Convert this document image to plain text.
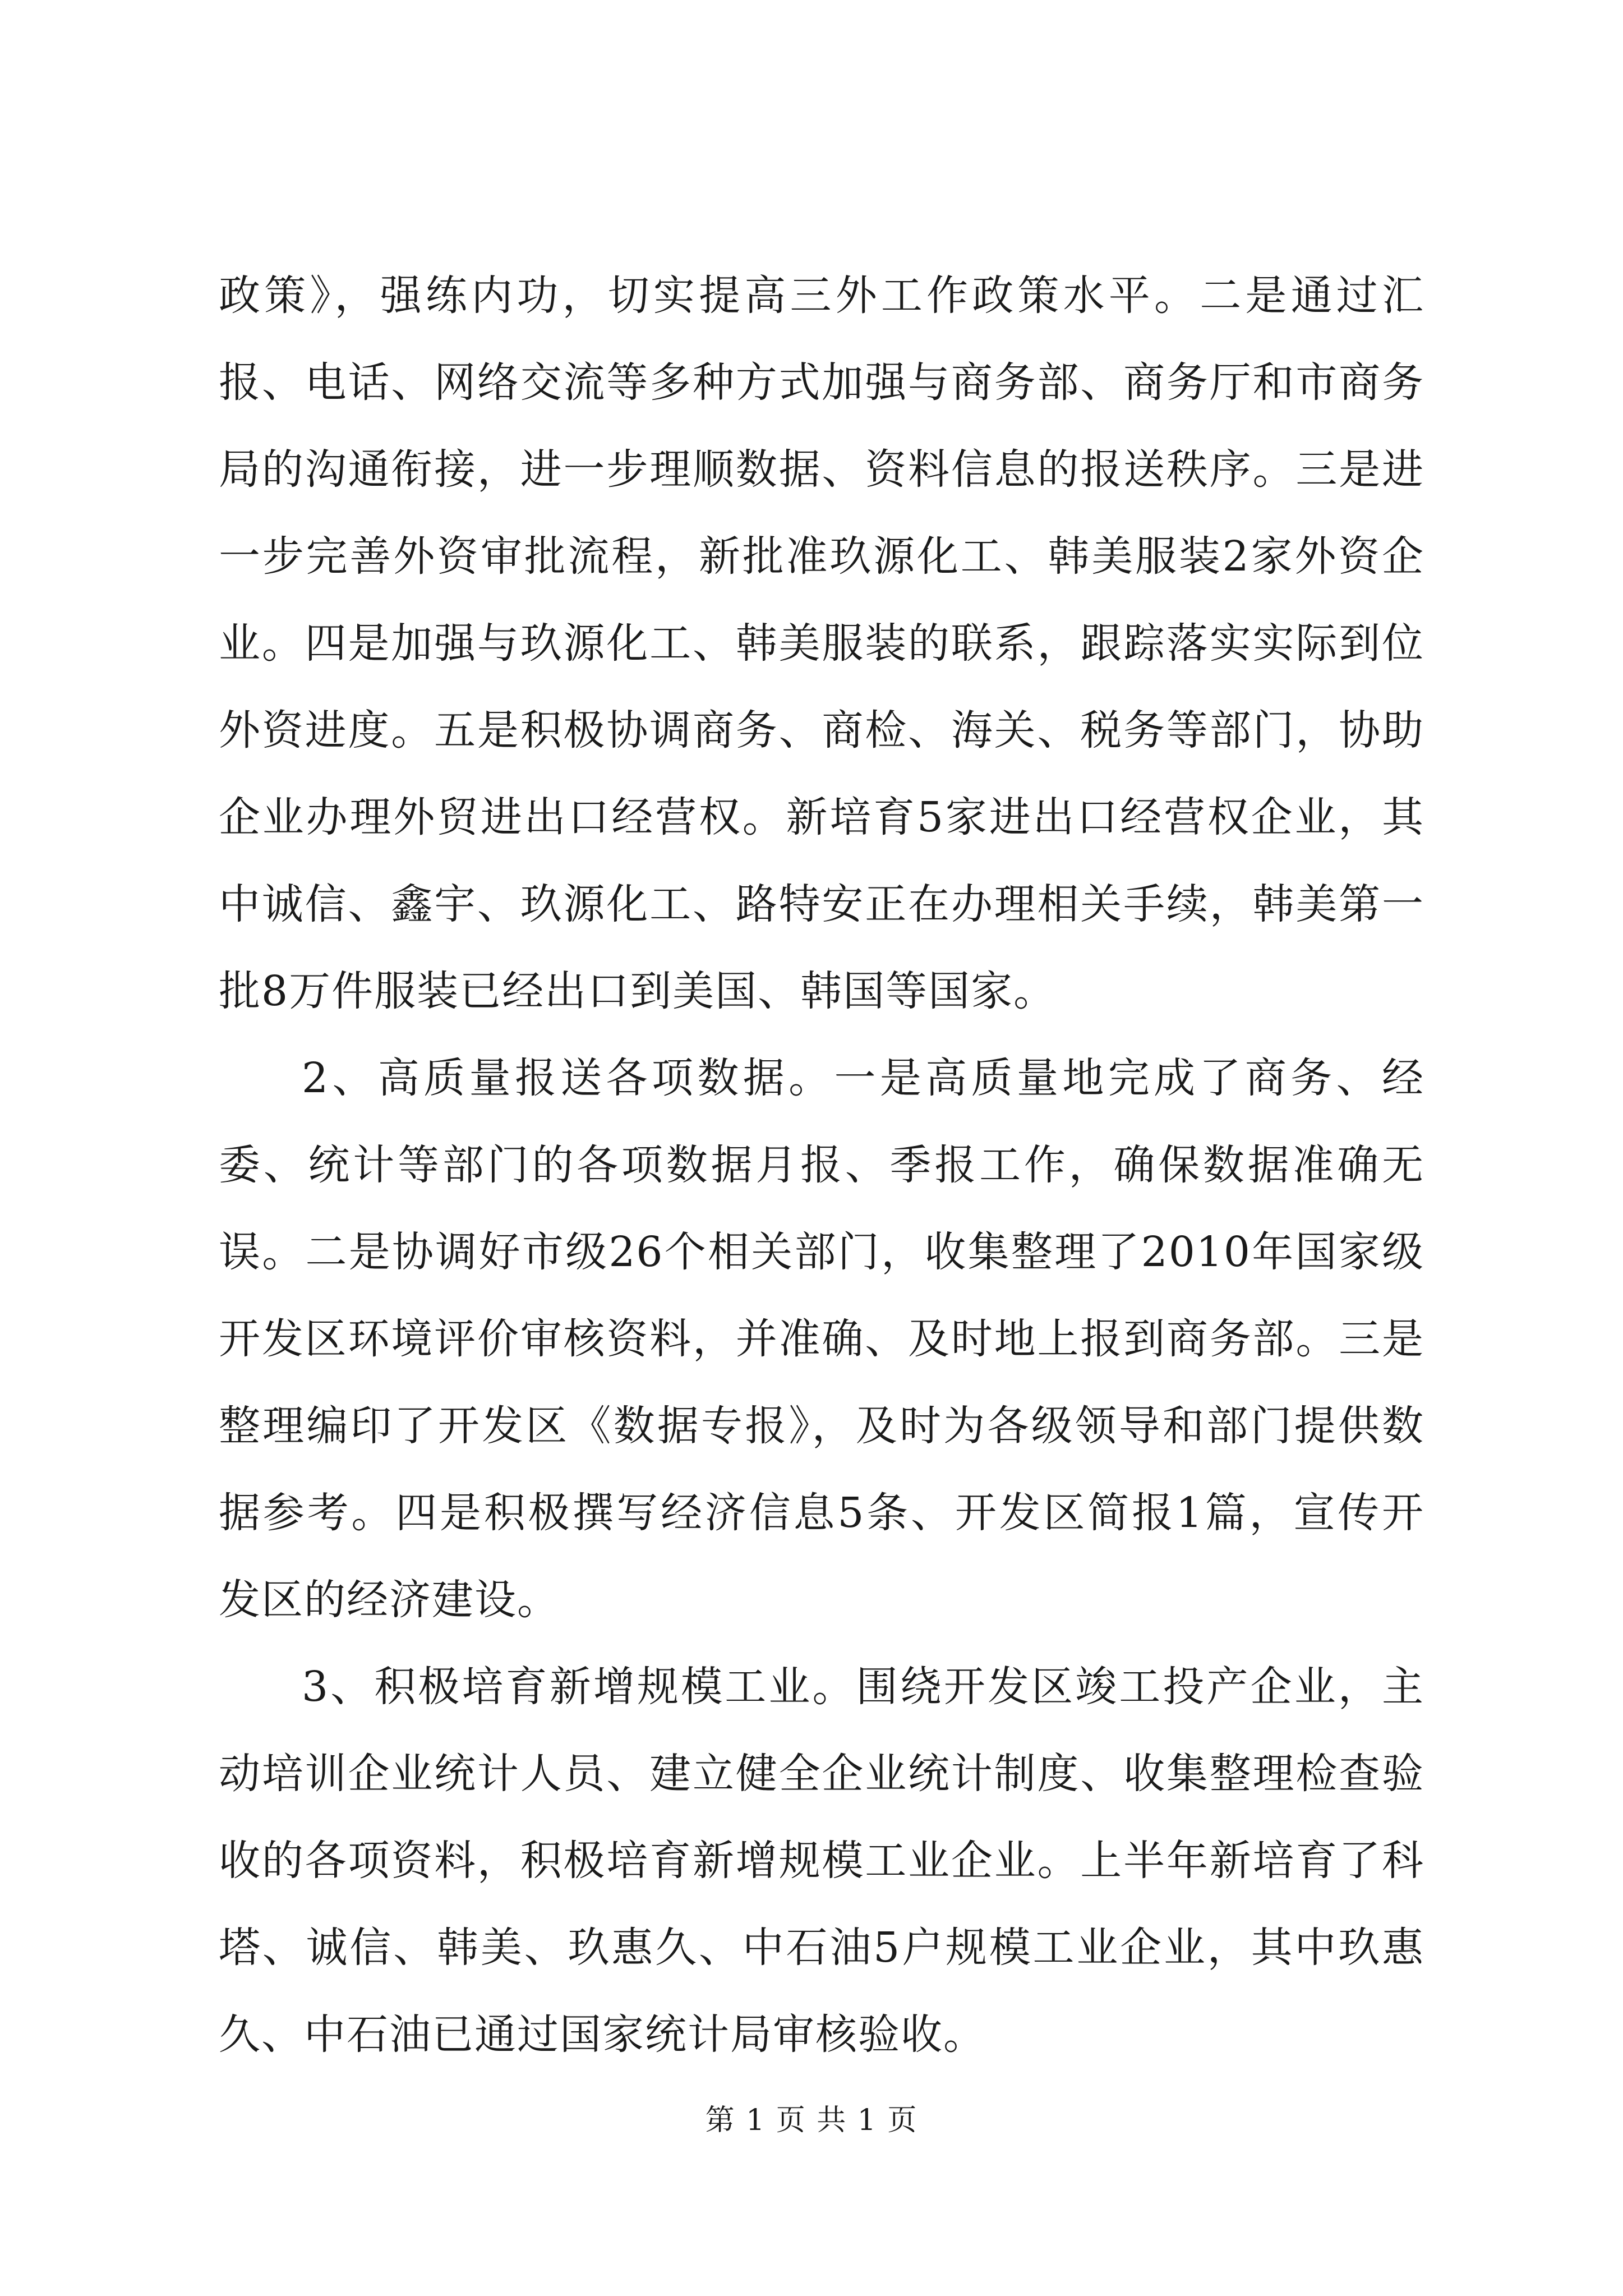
政策》，强练内功，切实提高三外工作政策水平。二是通过汇报、电话、网络交流等多种方式加强与商务部、商务厅和市商务局的沟通衔接，进一步理顺数据、资料信息的报送秩序。三是进一步完善外资审批流程，新批准玖源化工、韩美服装2家外资企业。四是加强与玖源化工、韩美服装的联系，跟踪落实实际到位外资进度。五是积极协调商务、商检、海关、税务等部门，协助企业办理外贸进出口经营权。新培育5家进出口经营权企业，其中诚信、鑫宇、玖源化工、路特安正在办理相关手续，韩美第一批8万件服装已经出口到美国、韩国等国家。

2、高质量报送各项数据。一是高质量地完成了商务、经委、统计等部门的各项数据月报、季报工作，确保数据准确无误。二是协调好市级26个相关部门，收集整理了2010年国家级开发区环境评价审核资料，并准确、及时地上报到商务部。三是整理编印了开发区《数据专报》，及时为各级领导和部门提供数据参考。四是积极撰写经济信息5条、开发区简报1篇，宣传开发区的经济建设。

3、积极培育新增规模工业。围绕开发区竣工投产企业，主动培训企业统计人员、建立健全企业统计制度、收集整理检查验收的各项资料，积极培育新增规模工业企业。上半年新培育了科塔、诚信、韩美、玖惠久、中石油5户规模工业企业，其中玖惠久、中石油已通过国家统计局审核验收。

第 1 页 共 1 页
